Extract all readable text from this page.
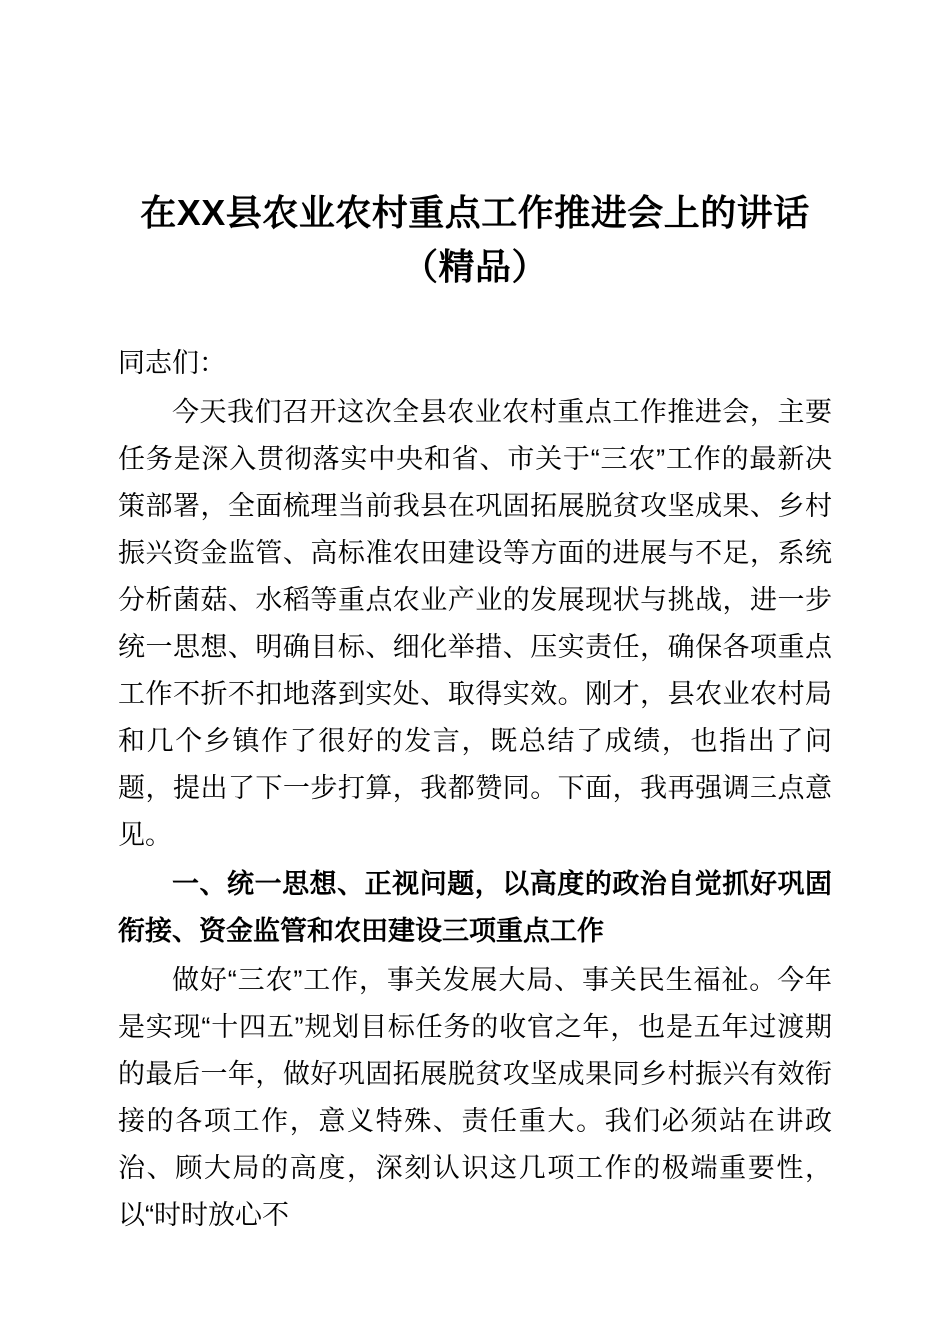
在XX县农业农村重点工作推进会上的讲话（精品）

同志们：

今天我们召开这次全县农业农村重点工作推进会，主要任务是深入贯彻落实中央和省、市关于“三农”工作的最新决策部署，全面梳理当前我县在巩固拓展脱贫攻坚成果、乡村振兴资金监管、高标准农田建设等方面的进展与不足，系统分析菌菇、水稻等重点农业产业的发展现状与挑战，进一步统一思想、明确目标、细化举措、压实责任，确保各项重点工作不折不扣地落到实处、取得实效。刚才，县农业农村局和几个乡镇作了很好的发言，既总结了成绩，也指出了问题，提出了下一步打算，我都赞同。下面，我再强调三点意见。

一、统一思想、正视问题，以高度的政治自觉抓好巩固衔接、资金监管和农田建设三项重点工作

做好“三农”工作，事关发展大局、事关民生福祉。今年是实现“十四五”规划目标任务的收官之年，也是五年过渡期的最后一年，做好巩固拓展脱贫攻坚成果同乡村振兴有效衔接的各项工作，意义特殊、责任重大。我们必须站在讲政治、顾大局的高度，深刻认识这几项工作的极端重要性，以“时时放心不
